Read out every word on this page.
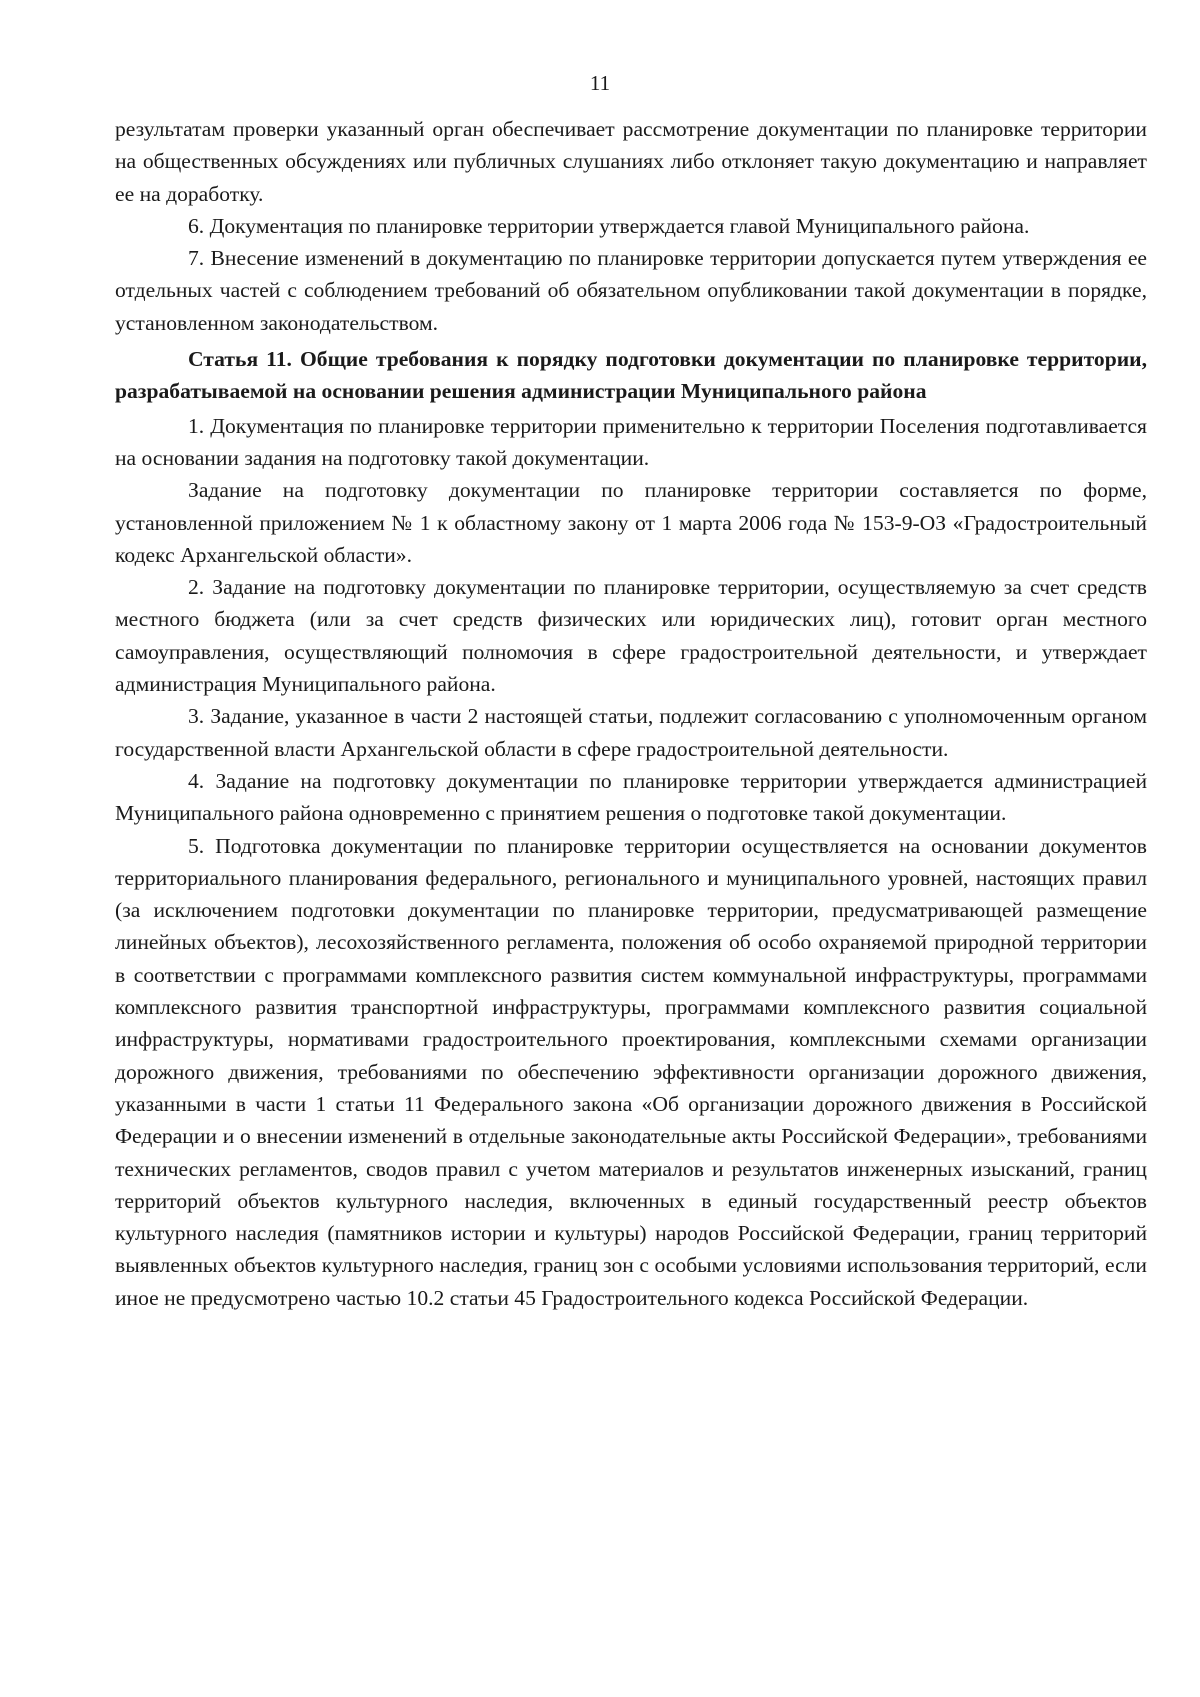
11

результатам проверки указанный орган обеспечивает рассмотрение документации по планировке территории на общественных обсуждениях или публичных слушаниях либо отклоняет такую документацию и направляет ее на доработку.

6. Документация по планировке территории утверждается главой Муниципального района.

7. Внесение изменений в документацию по планировке территории допускается путем утверждения ее отдельных частей с соблюдением требований об обязательном опубликовании такой документации в порядке, установленном законодательством.

Статья 11. Общие требования к порядку подготовки документации по планировке территории, разрабатываемой на основании решения администрации Муниципального района

1. Документация по планировке территории применительно к территории Поселения подготавливается на основании задания на подготовку такой документации.

Задание на подготовку документации по планировке территории составляется по форме, установленной приложением № 1 к областному закону от 1 марта 2006 года № 153-9-ОЗ «Градостроительный кодекс Архангельской области».

2. Задание на подготовку документации по планировке территории, осуществляемую за счет средств местного бюджета (или за счет средств физических или юридических лиц), готовит орган местного самоуправления, осуществляющий полномочия в сфере градостроительной деятельности, и утверждает администрация Муниципального района.

3. Задание, указанное в части 2 настоящей статьи, подлежит согласованию с уполномоченным органом государственной власти Архангельской области в сфере градостроительной деятельности.

4. Задание на подготовку документации по планировке территории утверждается администрацией Муниципального района одновременно с принятием решения о подготовке такой документации.

5. Подготовка документации по планировке территории осуществляется на основании документов территориального планирования федерального, регионального и муниципального уровней, настоящих правил (за исключением подготовки документации по планировке территории, предусматривающей размещение линейных объектов), лесохозяйственного регламента, положения об особо охраняемой природной территории в соответствии с программами комплексного развития систем коммунальной инфраструктуры, программами комплексного развития транспортной инфраструктуры, программами комплексного развития социальной инфраструктуры, нормативами градостроительного проектирования, комплексными схемами организации дорожного движения, требованиями по обеспечению эффективности организации дорожного движения, указанными в части 1 статьи 11 Федерального закона «Об организации дорожного движения в Российской Федерации и о внесении изменений в отдельные законодательные акты Российской Федерации», требованиями технических регламентов, сводов правил с учетом материалов и результатов инженерных изысканий, границ территорий объектов культурного наследия, включенных в единый государственный реестр объектов культурного наследия (памятников истории и культуры) народов Российской Федерации, границ территорий выявленных объектов культурного наследия, границ зон с особыми условиями использования территорий, если иное не предусмотрено частью 10.2 статьи 45 Градостроительного кодекса Российской Федерации.
